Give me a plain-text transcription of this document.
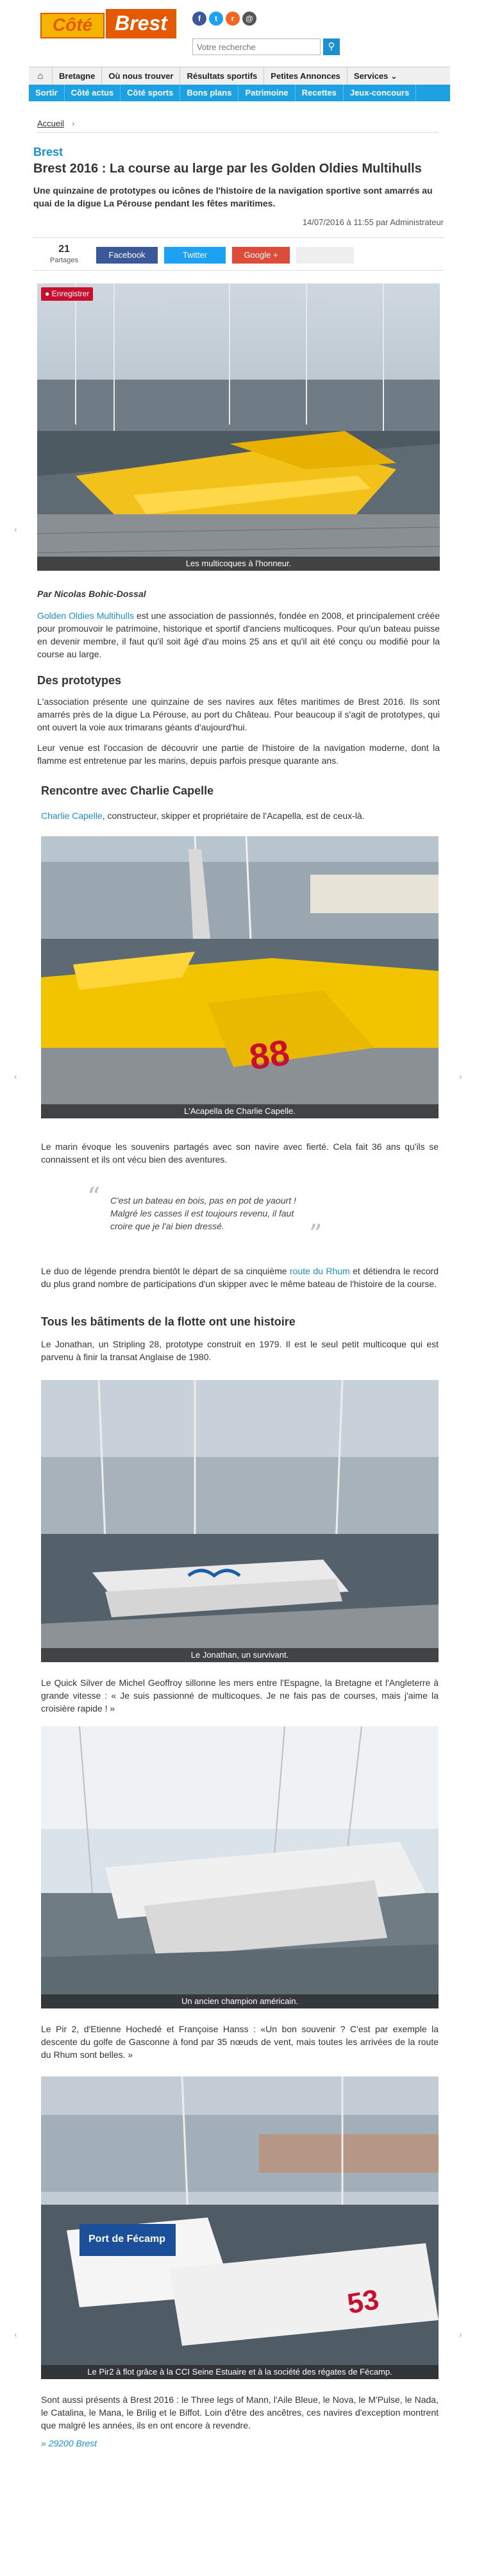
Côté	Brest	f	t	r	@
Votre recherche
⚲
⌂	Bretagne	Où nous trouver	Résultats sportifs	Petites Annonces	Services ⌄
Sortir	Côté actus	Côté sports	Bons plans	Patrimoine	Recettes	Jeux-concours
Accueil ›
Brest
Brest 2016 : La course au large par les Golden Oldies Multihulls
Une quinzaine de prototypes ou icônes de l'histoire de la navigation sportive sont amarrés au quai de la digue La Pérouse pendant les fêtes maritimes.
14/07/2016 à 11:55 par Administrateur
21
Partages
Facebook	Twitter	Google +
● Enregistrer
Les multicoques à l'honneur.
‹
Par Nicolas Bohic-Dossal
Golden Oldies Multihulls est une association de passionnés, fondée en 2008, et principalement créée pour promouvoir le patrimoine, historique et sportif d'anciens multicoques. Pour qu'un bateau puisse en devenir membre, il faut qu'il soit âgé d'au moins 25 ans et qu'il ait été conçu ou modifié pour la course au large.
Des prototypes
L'association présente une quinzaine de ses navires aux fêtes maritimes de Brest 2016. Ils sont amarrés près de la digue La Pérouse, au port du Château. Pour beaucoup il s'agit de prototypes, qui ont ouvert la voie aux trimarans géants d'aujourd'hui.
Leur venue est l'occasion de découvrir une partie de l'histoire de la navigation moderne, dont la flamme est entretenue par les marins, depuis parfois presque quarante ans.
Rencontre avec Charlie Capelle
Charlie Capelle, constructeur, skipper et propriétaire de l'Acapella, est de ceux-là.
88
L'Acapella de Charlie Capelle.
‹	›
Le marin évoque les souvenirs partagés avec son navire avec fierté. Cela fait 36 ans qu'ils se connaissent et ils ont vécu bien des aventures.
“ C'est un bateau en bois, pas en pot de yaourt ! Malgré les casses il est toujours revenu, il faut croire que je l'ai bien dressé.	”
Le duo de légende prendra bientôt le départ de sa cinquième route du Rhum et détiendra le record du plus grand nombre de participations d'un skipper avec le même bateau de l'histoire de la course.
Tous les bâtiments de la flotte ont une histoire
Le Jonathan, un Stripling 28, prototype construit en 1979. Il est le seul petit multicoque qui est parvenu à finir la transat Anglaise de 1980.
Le Jonathan, un survivant.
Le Quick Silver de Michel Geoffroy sillonne les mers entre l'Espagne, la Bretagne et l'Angleterre à grande vitesse : « Je suis passionné de multicoques. Je ne fais pas de courses, mais j'aime la croisière rapide ! »
Un ancien champion américain.
Le Pir 2, d'Etienne Hochedé et Françoise Hanss : «Un bon souvenir ? C'est par exemple la descente du golfe de Gasconne à fond par 35 nœuds de vent, mais toutes les arrivées de la route du Rhum sont belles. »
Port de Fécamp
53
Le Pir2 à flot grâce à la CCI Seine Estuaire et à la société des régates de Fécamp.
‹	›
Sont aussi présents à Brest 2016 : le Three legs of Mann, l'Aile Bleue, le Nova, le M'Pulse, le Nada, le Catalina, le Mana, le Brilig et le Biffot. Loin d'être des ancêtres, ces navires d'exception montrent que malgré les années, ils en ont encore à revendre.
» 29200 Brest
